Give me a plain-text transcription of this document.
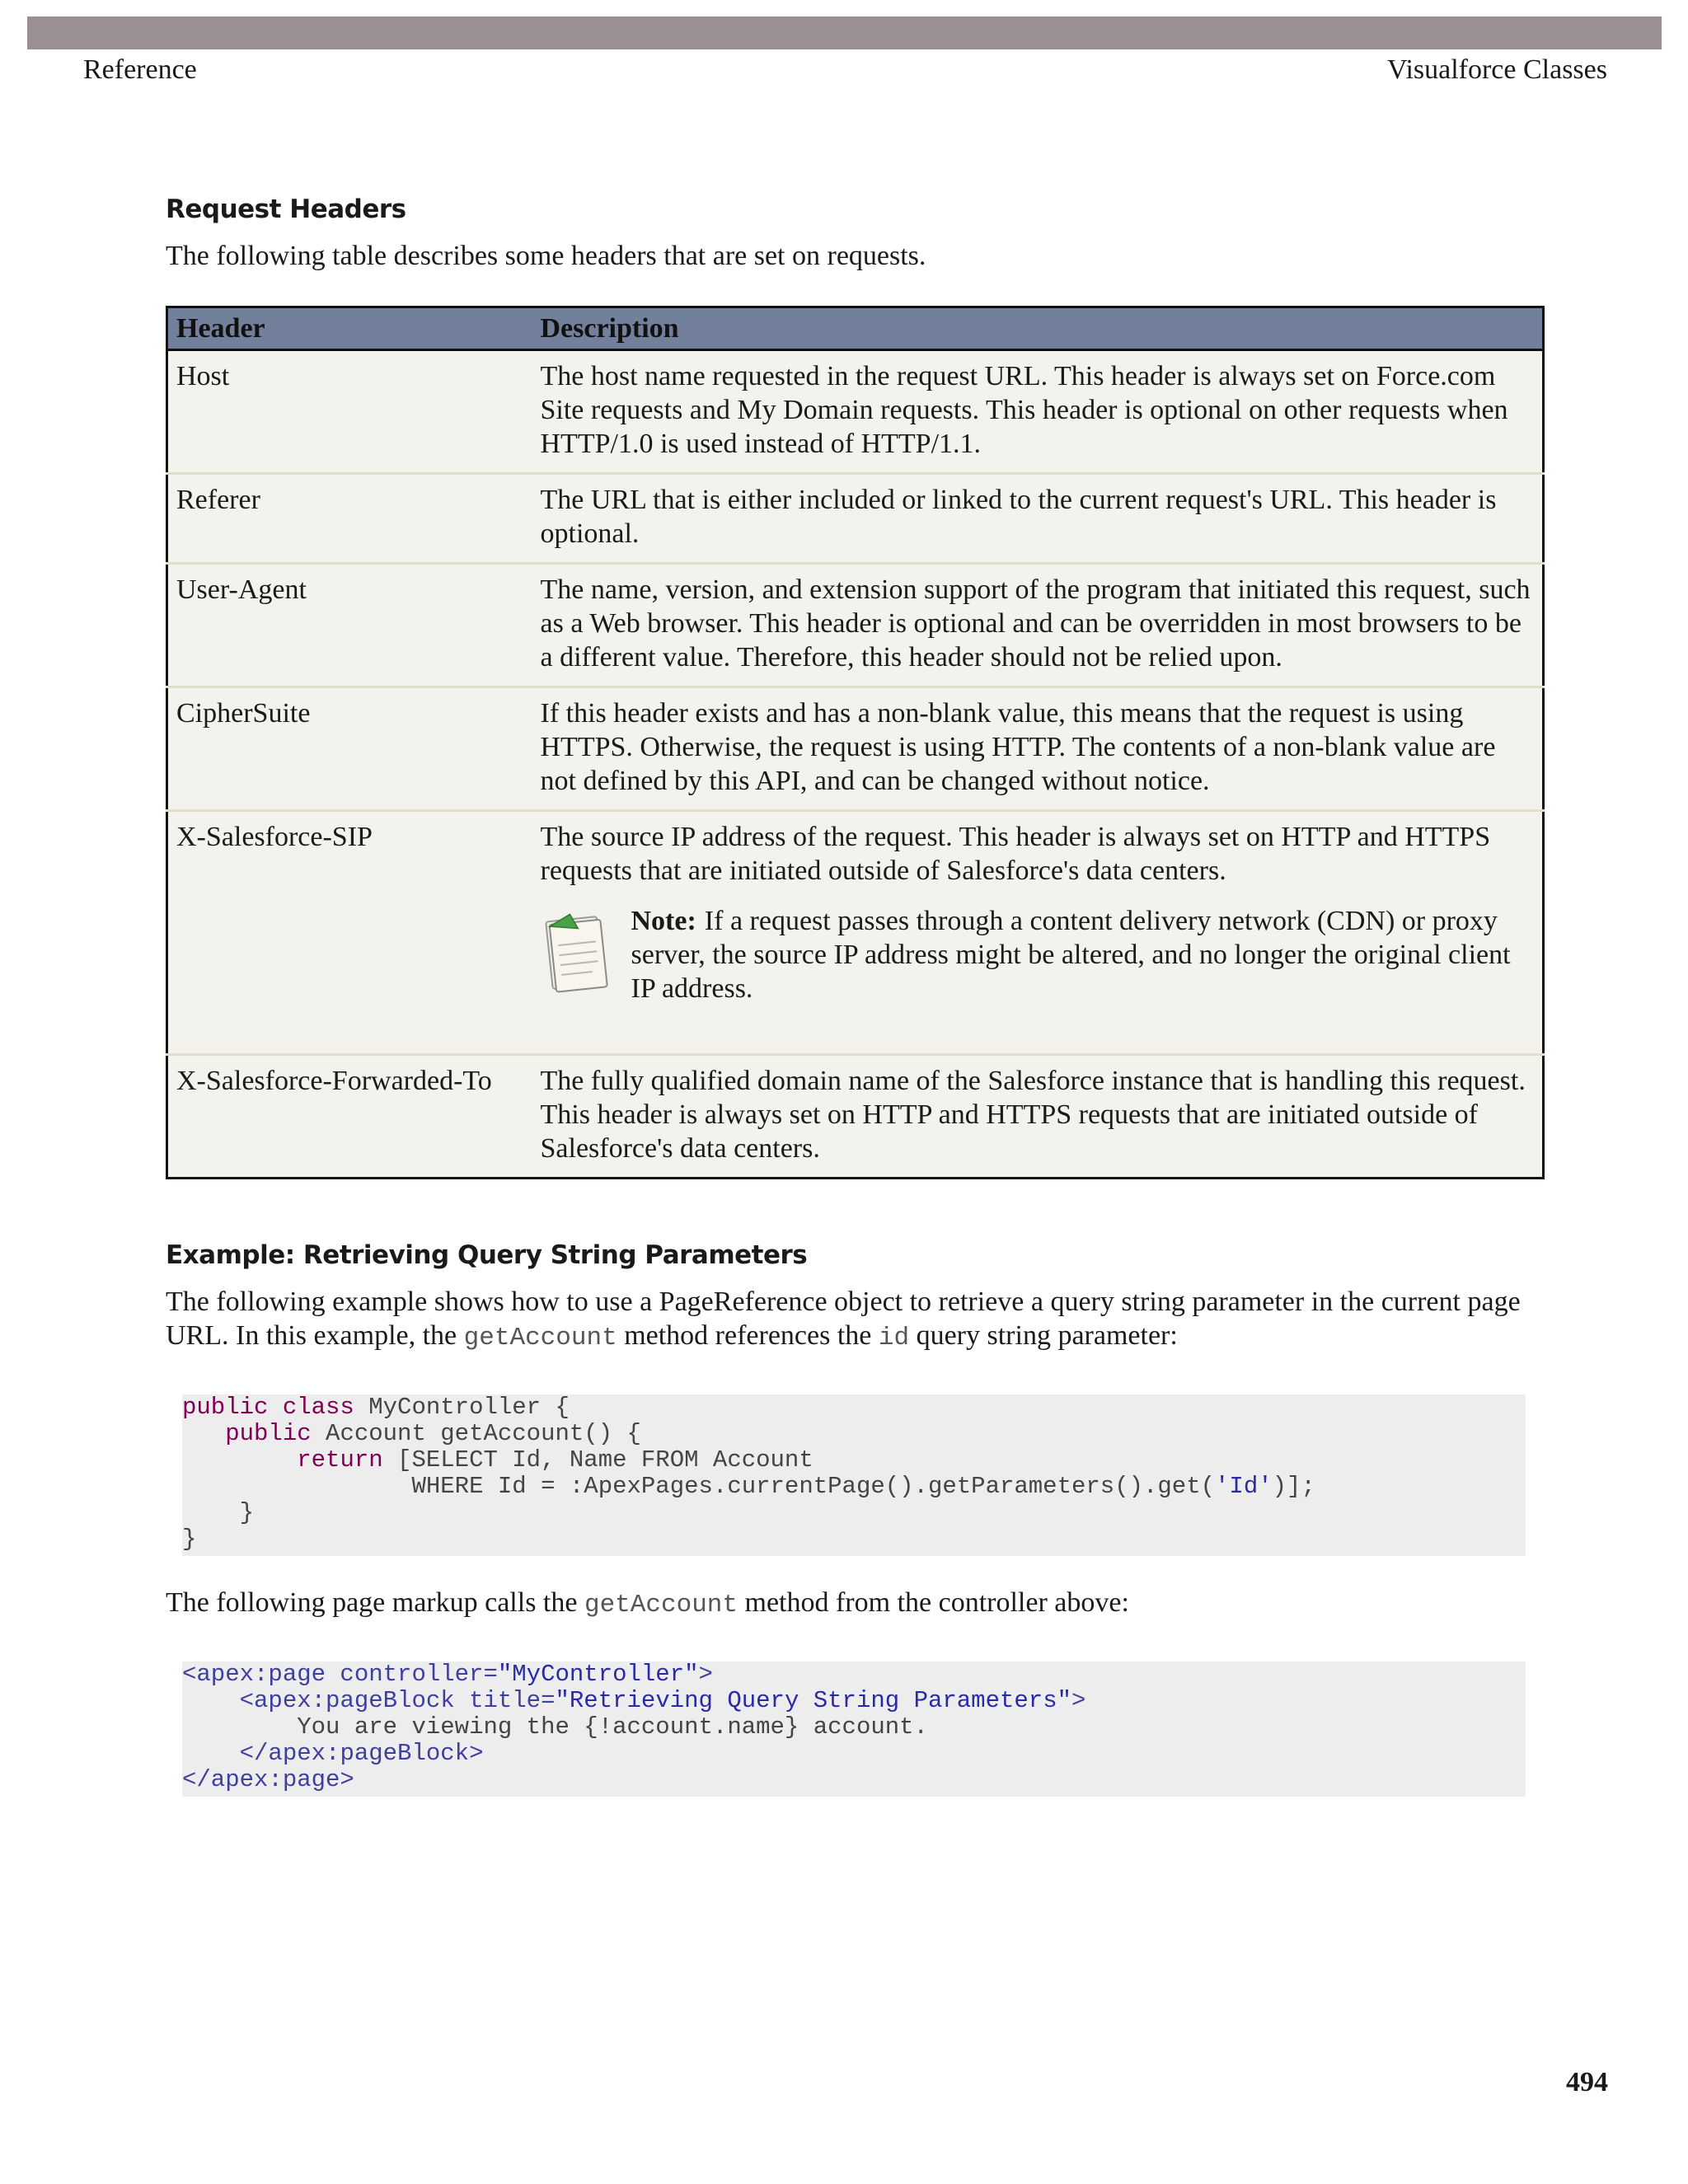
Reference	Visualforce Classes
Request Headers

The following table describes some headers that are set on requests.

Header	Description
Host	The host name requested in the request URL. This header is always set on Force.com Site requests and My Domain requests. This header is optional on other requests when HTTP/1.0 is used instead of HTTP/1.1.
Referer	The URL that is either included or linked to the current request's URL. This header is optional.
User-Agent	The name, version, and extension support of the program that initiated this request, such as a Web browser. This header is optional and can be overridden in most browsers to be a different value. Therefore, this header should not be relied upon.
CipherSuite	If this header exists and has a non-blank value, this means that the request is using HTTPS. Otherwise, the request is using HTTP. The contents of a non-blank value are not defined by this API, and can be changed without notice.
X-Salesforce-SIP	The source IP address of the request. This header is always set on HTTP and HTTPS requests that are initiated outside of Salesforce's data centers.
Note: If a request passes through a content delivery network (CDN) or proxy server, the source IP address might be altered, and no longer the original client IP address.

X-Salesforce-Forwarded-To	The fully qualified domain name of the Salesforce instance that is handling this request. This header is always set on HTTP and HTTPS requests that are initiated outside of Salesforce's data centers.
Example: Retrieving Query String Parameters

The following example shows how to use a PageReference object to retrieve a query string parameter in the current page URL. In this example, the getAccount method references the id query string parameter:

public class MyController {
public Account getAccount() {
return [SELECT Id, Name FROM Account
WHERE Id = :ApexPages.currentPage().getParameters().get('Id')];
}
}

The following page markup calls the getAccount method from the controller above:

<apex:page controller="MyController">
<apex:pageBlock title="Retrieving Query String Parameters">
You are viewing the {!account.name} account.
</apex:pageBlock>
</apex:page>
494
